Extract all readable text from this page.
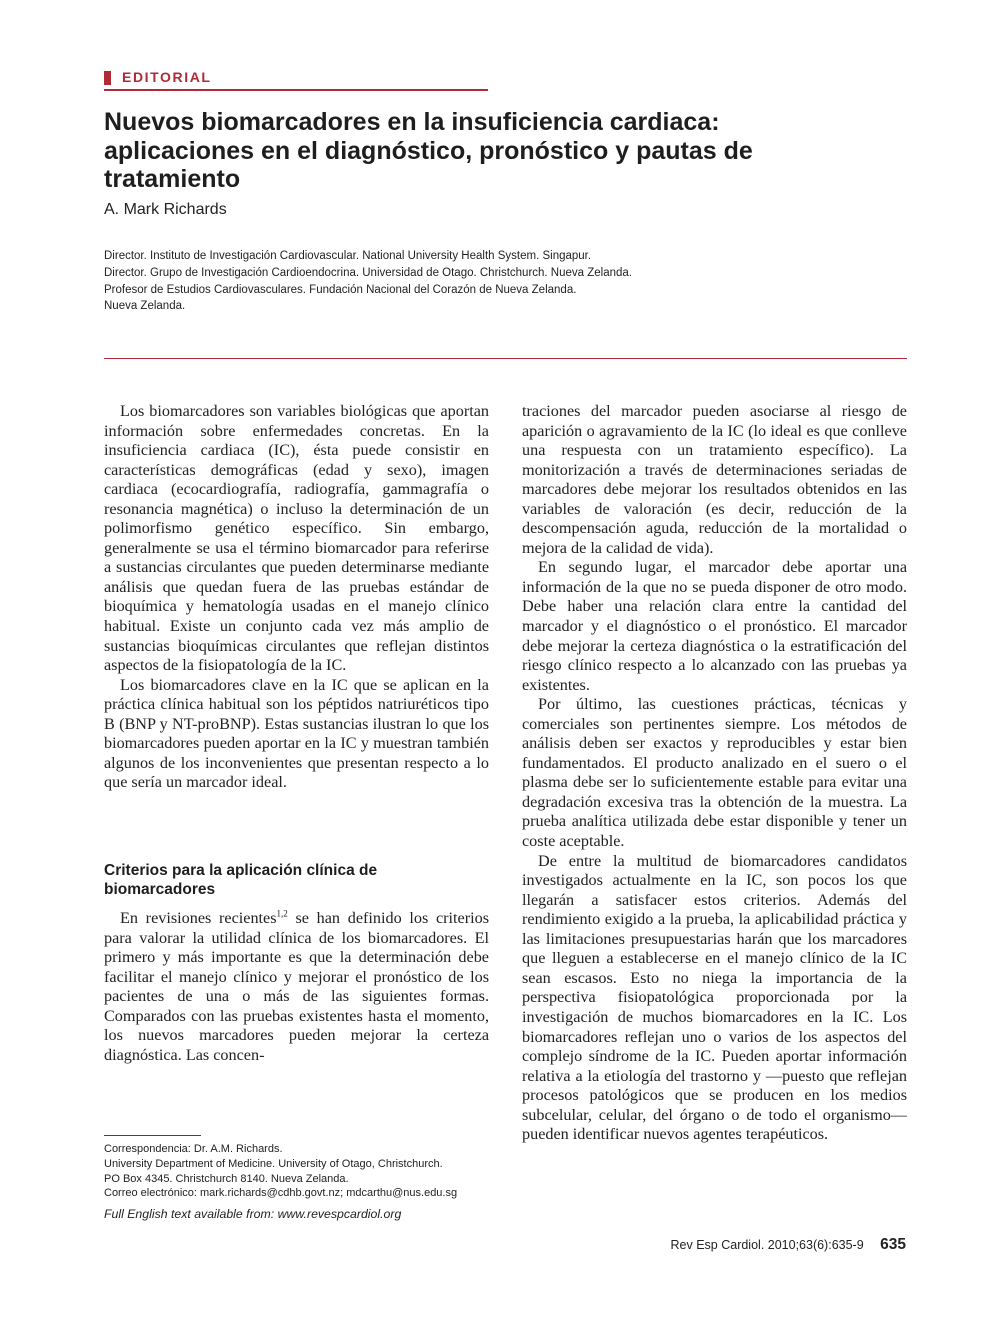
EDITORIAL
Nuevos biomarcadores en la insuficiencia cardiaca: aplicaciones en el diagnóstico, pronóstico y pautas de tratamiento
A. Mark Richards
Director. Instituto de Investigación Cardiovascular. National University Health System. Singapur.
Director. Grupo de Investigación Cardioendocrina. Universidad de Otago. Christchurch. Nueva Zelanda.
Profesor de Estudios Cardiovasculares. Fundación Nacional del Corazón de Nueva Zelanda.
Nueva Zelanda.

Los biomarcadores son variables biológicas que aportan información sobre enfermedades concretas. En la insuficiencia cardiaca (IC), ésta puede consistir en características demográficas (edad y sexo), imagen cardiaca (ecocardiografía, radiografía, gammagrafía o resonancia magnética) o incluso la determinación de un polimorfismo genético específico. Sin embargo, generalmente se usa el término biomarcador para referirse a sustancias circulantes que pueden determinarse mediante análisis que quedan fuera de las pruebas estándar de bioquímica y hematología usadas en el manejo clínico habitual. Existe un conjunto cada vez más amplio de sustancias bioquímicas circulantes que reflejan distintos aspectos de la fisiopatología de la IC.

Los biomarcadores clave en la IC que se aplican en la práctica clínica habitual son los péptidos natriuréticos tipo B (BNP y NT-proBNP). Estas sustancias ilustran lo que los biomarcadores pueden aportar en la IC y muestran también algunos de los inconvenientes que presentan respecto a lo que sería un marcador ideal.

Criterios para la aplicación clínica de biomarcadores

En revisiones recientes$^{1,2}$ se han definido los criterios para valorar la utilidad clínica de los biomarcadores. El primero y más importante es que la determinación debe facilitar el manejo clínico y mejorar el pronóstico de los pacientes de una o más de las siguientes formas. Comparados con las pruebas existentes hasta el momento, los nuevos marcadores pueden mejorar la certeza diagnóstica. Las concen-

traciones del marcador pueden asociarse al riesgo de aparición o agravamiento de la IC (lo ideal es que conlleve una respuesta con un tratamiento específico). La monitorización a través de determinaciones seriadas de marcadores debe mejorar los resultados obtenidos en las variables de valoración (es decir, reducción de la descompensación aguda, reducción de la mortalidad o mejora de la calidad de vida).

En segundo lugar, el marcador debe aportar una información de la que no se pueda disponer de otro modo. Debe haber una relación clara entre la cantidad del marcador y el diagnóstico o el pronóstico. El marcador debe mejorar la certeza diagnóstica o la estratificación del riesgo clínico respecto a lo alcanzado con las pruebas ya existentes.

Por último, las cuestiones prácticas, técnicas y comerciales son pertinentes siempre. Los métodos de análisis deben ser exactos y reproducibles y estar bien fundamentados. El producto analizado en el suero o el plasma debe ser lo suficientemente estable para evitar una degradación excesiva tras la obtención de la muestra. La prueba analítica utilizada debe estar disponible y tener un coste aceptable.

De entre la multitud de biomarcadores candidatos investigados actualmente en la IC, son pocos los que llegarán a satisfacer estos criterios. Además del rendimiento exigido a la prueba, la aplicabilidad práctica y las limitaciones presupuestarias harán que los marcadores que lleguen a establecerse en el manejo clínico de la IC sean escasos. Esto no niega la importancia de la perspectiva fisiopatológica proporcionada por la investigación de muchos biomarcadores en la IC. Los biomarcadores reflejan uno o varios de los aspectos del complejo síndrome de la IC. Pueden aportar información relativa a la etiología del trastorno y —puesto que reflejan procesos patológicos que se producen en los medios subcelular, celular, del órgano o de todo el organismo— pueden identificar nuevos agentes terapéuticos.

Correspondencia: Dr. A.M. Richards.
University Department of Medicine. University of Otago, Christchurch.
PO Box 4345. Christchurch 8140. Nueva Zelanda.
Correo electrónico: mark.richards@cdhb.govt.nz; mdcarthu@nus.edu.sg
Full English text available from: www.revespcardiol.org
Rev Esp Cardiol. 2010;63(6):635-9 635
